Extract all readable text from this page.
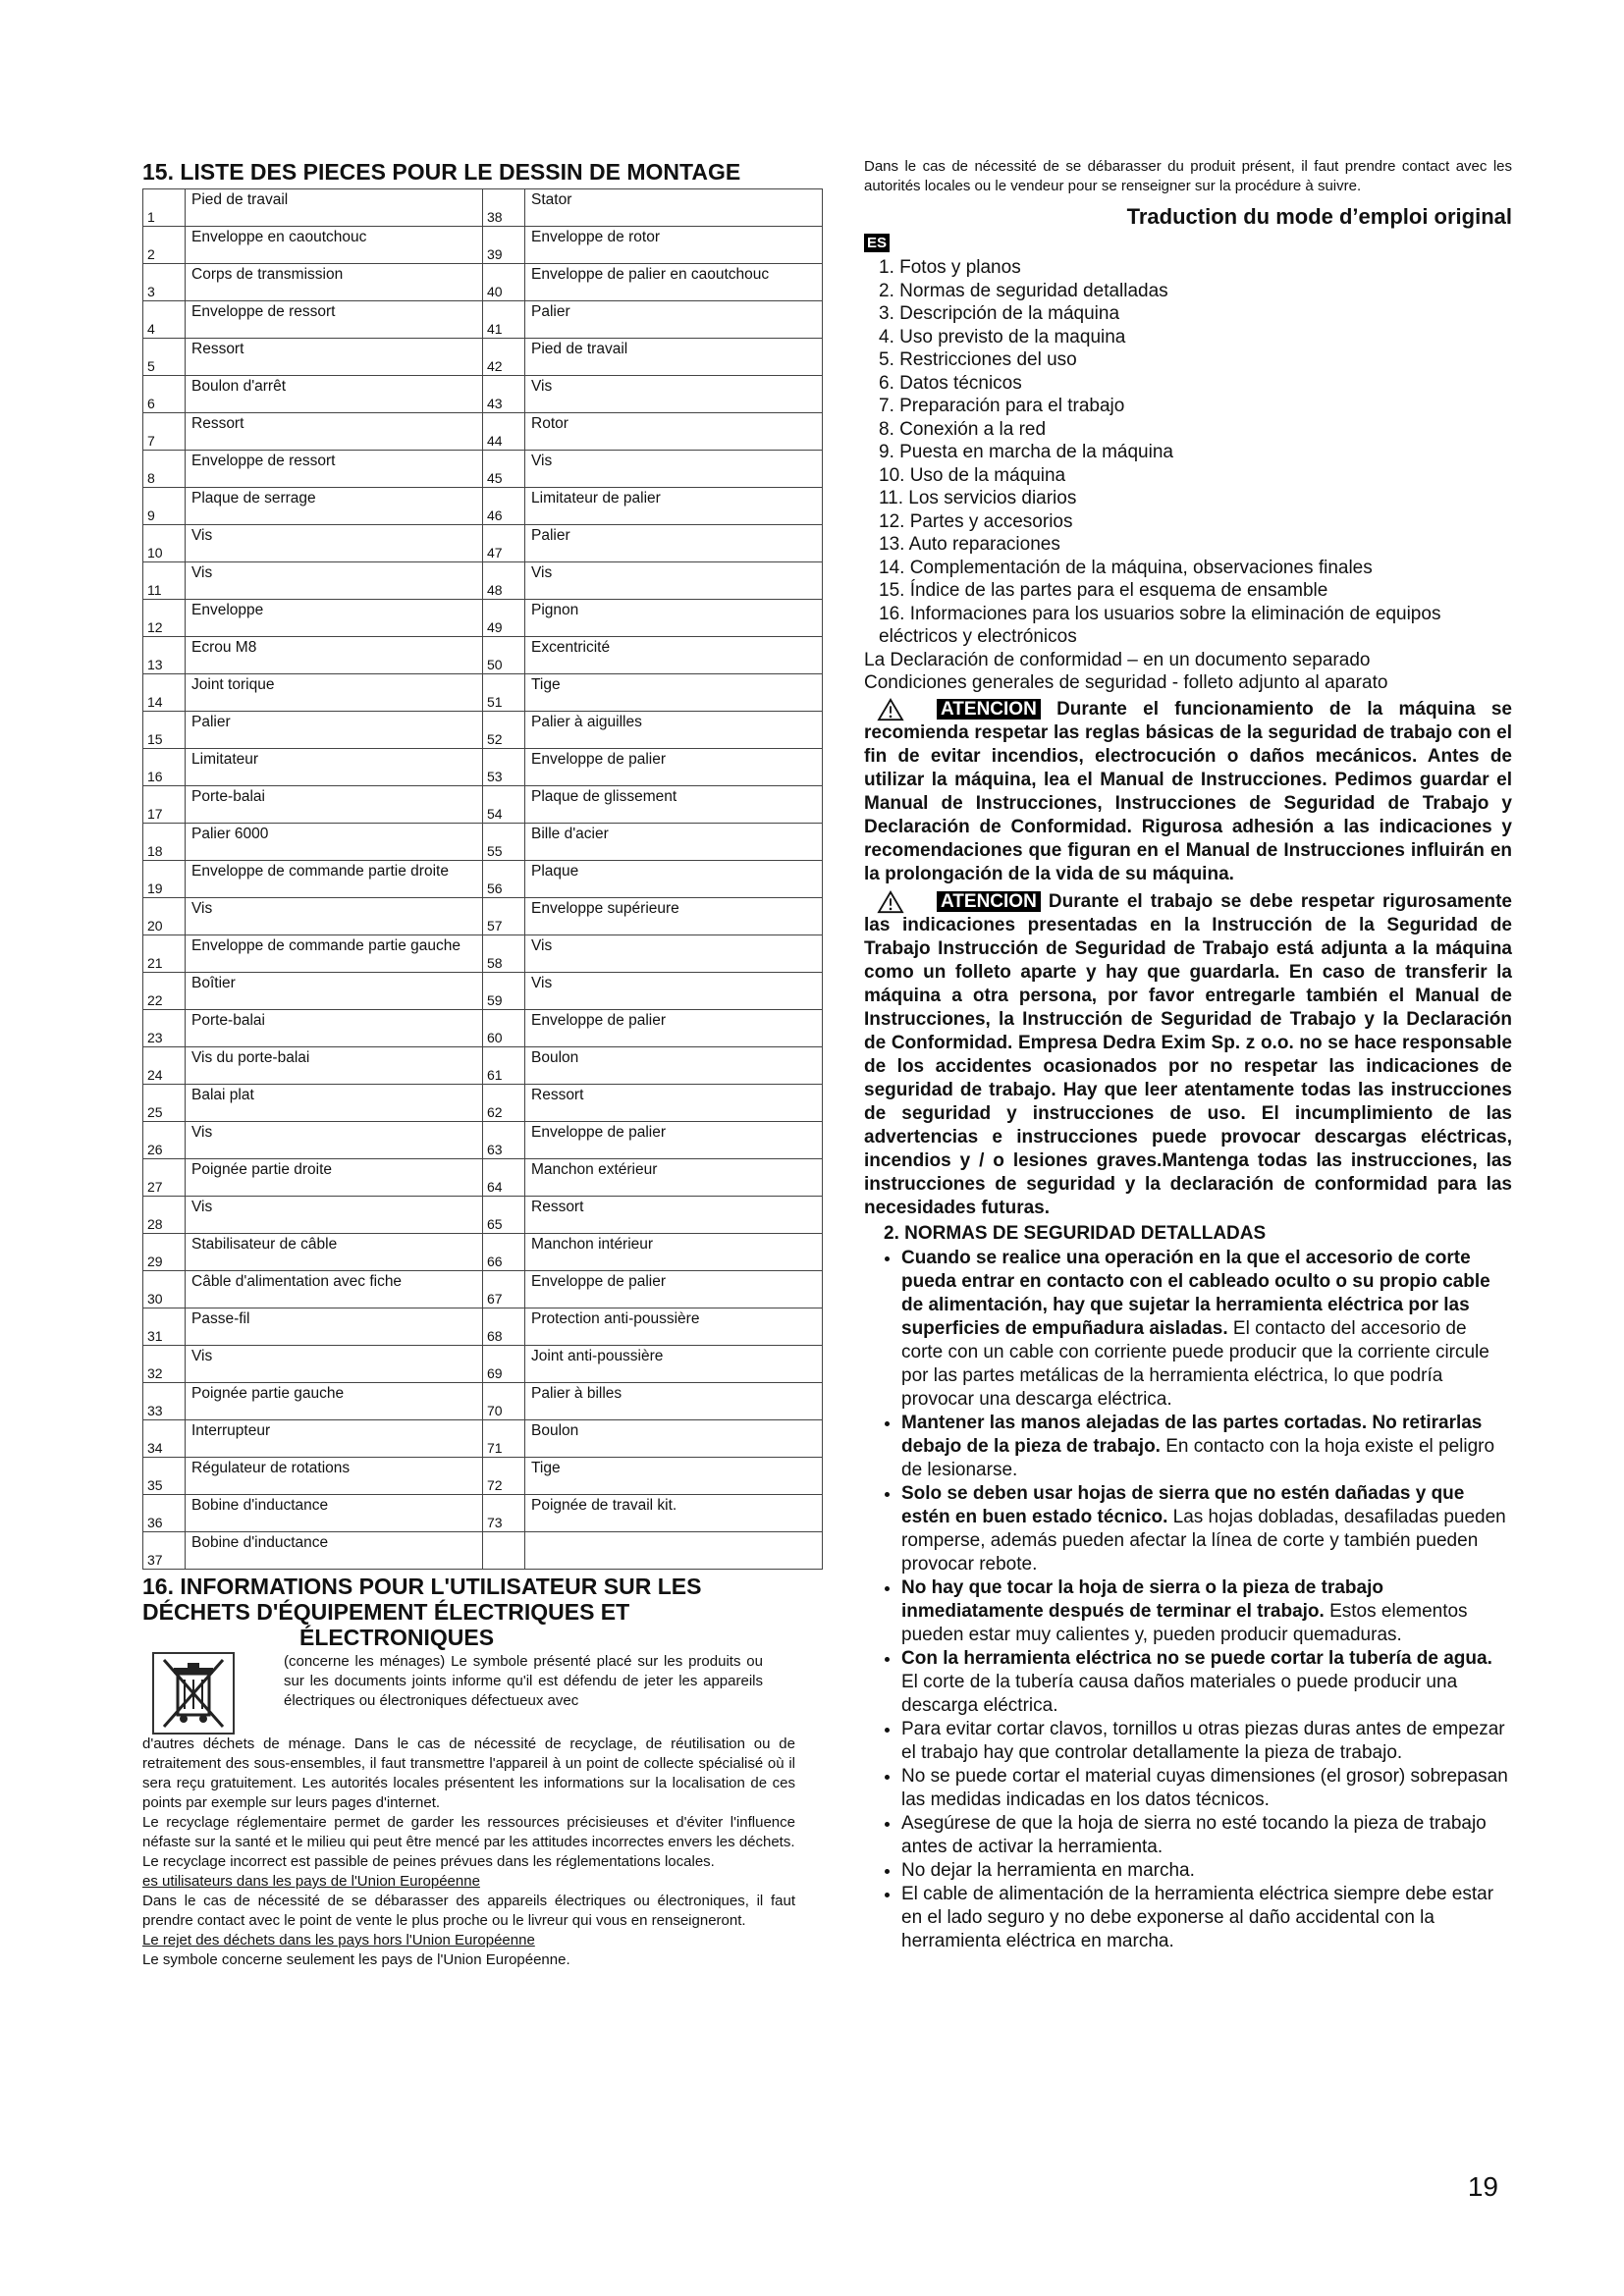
15. LISTE DES PIECES POUR LE DESSIN DE MONTAGE
1	Pied de travail	38	Stator
2	Enveloppe en caoutchouc	39	Enveloppe de rotor
3	Corps de transmission	40	Enveloppe de palier en caoutchouc
4	Enveloppe de ressort	41	Palier
5	Ressort	42	Pied de travail
6	Boulon d'arrêt	43	Vis
7	Ressort	44	Rotor
8	Enveloppe de ressort	45	Vis
9	Plaque de serrage	46	Limitateur de palier
10	Vis	47	Palier
11	Vis	48	Vis
12	Enveloppe	49	Pignon
13	Ecrou M8	50	Excentricité
14	Joint torique	51	Tige
15	Palier	52	Palier à aiguilles
16	Limitateur	53	Enveloppe de palier
17	Porte-balai	54	Plaque de glissement
18	Palier 6000	55	Bille d'acier
19	Enveloppe de commande partie droite	56	Plaque
20	Vis	57	Enveloppe supérieure
21	Enveloppe de commande partie gauche	58	Vis
22	Boîtier	59	Vis
23	Porte-balai	60	Enveloppe de palier
24	Vis du porte-balai	61	Boulon
25	Balai plat	62	Ressort
26	Vis	63	Enveloppe de palier
27	Poignée partie droite	64	Manchon extérieur
28	Vis	65	Ressort
29	Stabilisateur de câble	66	Manchon intérieur
30	Câble d'alimentation avec fiche	67	Enveloppe de palier
31	Passe-fil	68	Protection anti-poussière
32	Vis	69	Joint anti-poussière
33	Poignée partie gauche	70	Palier à billes
34	Interrupteur	71	Boulon
35	Régulateur de rotations	72	Tige
36	Bobine d'inductance	73	Poignée de travail kit.
37	Bobine d'inductance		
16. INFORMATIONS POUR L'UTILISATEUR SUR LES DÉCHETS D'ÉQUIPEMENT ÉLECTRIQUES ET
ÉLECTRONIQUES
(concerne les ménages) Le symbole présenté placé sur les produits ou sur les documents joints informe qu'il est défendu de jeter les appareils électriques ou électroniques défectueux avec

d'autres déchets de ménage. Dans le cas de nécessité de recyclage, de réutilisation ou de retraitement des sous-ensembles, il faut transmettre l'appareil à un point de collecte spécialisé où il sera reçu gratuitement. Les autorités locales présentent les informations sur la localisation de ces points par exemple sur leurs pages d'internet.

Le recyclage réglementaire permet de garder les ressources précisieuses et d'éviter l'influence néfaste sur la santé et le milieu qui peut être mencé par les attitudes incorrectes envers les déchets.

Le recyclage incorrect est passible de peines prévues dans les réglementations locales.

es utilisateurs dans les pays de l'Union Européenne

Dans le cas de nécessité de se débarasser des appareils électriques ou électroniques, il faut prendre contact avec le point de vente le plus proche ou le livreur qui vous en renseigneront.

Le rejet des déchets dans les pays hors l'Union Européenne

Le symbole concerne seulement les pays de l'Union Européenne.

Dans le cas de nécessité de se débarasser du produit présent, il faut prendre contact avec les autorités locales ou le vendeur pour se renseigner sur la procédure à suivre.

Traduction du mode d’emploi original
ES
1. Fotos y planos
2. Normas de seguridad detalladas
3. Descripción de la máquina
4. Uso previsto de la maquina
5. Restricciones del uso
6. Datos técnicos
7. Preparación para el trabajo
8. Conexión a la red
9. Puesta en marcha de la máquina
10. Uso de la máquina
11. Los servicios diarios
12. Partes y accesorios
13. Auto reparaciones
14. Complementación de la máquina, observaciones finales
15. Índice de las partes para el esquema de ensamble
16. Informaciones para los usuarios sobre la eliminación de equipos eléctricos y electrónicos

La Declaración de conformidad – en un documento separado

Condiciones generales de seguridad - folleto adjunto al aparato

ATENCION Durante el funcionamiento de la máquina se recomienda respetar las reglas básicas de la seguridad de trabajo con el fin de evitar incendios, electrocución o daños mecánicos. Antes de utilizar la máquina, lea el Manual de Instrucciones. Pedimos guardar el Manual de Instrucciones, Instrucciones de Seguridad de Trabajo y Declaración de Conformidad. Rigurosa adhesión a las indicaciones y recomendaciones que figuran en el Manual de Instrucciones influirán en la prolongación de la vida de su máquina.

ATENCION Durante el trabajo se debe respetar rigurosamente las indicaciones presentadas en la Instrucción de la Seguridad de Trabajo Instrucción de Seguridad de Trabajo está adjunta a la máquina como un folleto aparte y hay que guardarla. En caso de transferir la máquina a otra persona, por favor entregarle también el Manual de Instrucciones, la Instrucción de Seguridad de Trabajo y la Declaración de Conformidad. Empresa Dedra Exim Sp. z o.o. no se hace responsable de los accidentes ocasionados por no respetar las indicaciones de seguridad de trabajo. Hay que leer atentamente todas las instrucciones de seguridad y instrucciones de uso. El incumplimiento de las advertencias e instrucciones puede provocar descargas eléctricas, incendios y / o lesiones graves.Mantenga todas las instrucciones, las instrucciones de seguridad y la declaración de conformidad para las necesidades futuras.

2. NORMAS DE SEGURIDAD DETALLADAS
• Cuando se realice una operación en la que el accesorio de corte pueda entrar en contacto con el cableado oculto o su propio cable de alimentación, hay que sujetar la herramienta eléctrica por las superficies de empuñadura aisladas. El contacto del accesorio de corte con un cable con corriente puede producir que la corriente circule por las partes metálicas de la herramienta eléctrica, lo que podría provocar una descarga eléctrica.
• Mantener las manos alejadas de las partes cortadas. No retirarlas debajo de la pieza de trabajo. En contacto con la hoja existe el peligro de lesionarse.
• Solo se deben usar hojas de sierra que no estén dañadas y que estén en buen estado técnico. Las hojas dobladas, desafiladas pueden romperse, además pueden afectar la línea de corte y también pueden provocar rebote.
• No hay que tocar la hoja de sierra o la pieza de trabajo inmediatamente después de terminar el trabajo. Estos elementos pueden estar muy calientes y, pueden producir quemaduras.
• Con la herramienta eléctrica no se puede cortar la tubería de agua. El corte de la tubería causa daños materiales o puede producir una descarga eléctrica.
• Para evitar cortar clavos, tornillos u otras piezas duras antes de empezar el trabajo hay que controlar detallamente la pieza de trabajo.
• No se puede cortar el material cuyas dimensiones (el grosor) sobrepasan las medidas indicadas en los datos técnicos.
• Asegúrese de que la hoja de sierra no esté tocando la pieza de trabajo antes de activar la herramienta.
• No dejar la herramienta en marcha.
• El cable de alimentación de la herramienta eléctrica siempre debe estar en el lado seguro y no debe exponerse al daño accidental con la herramienta eléctrica en marcha.
19
